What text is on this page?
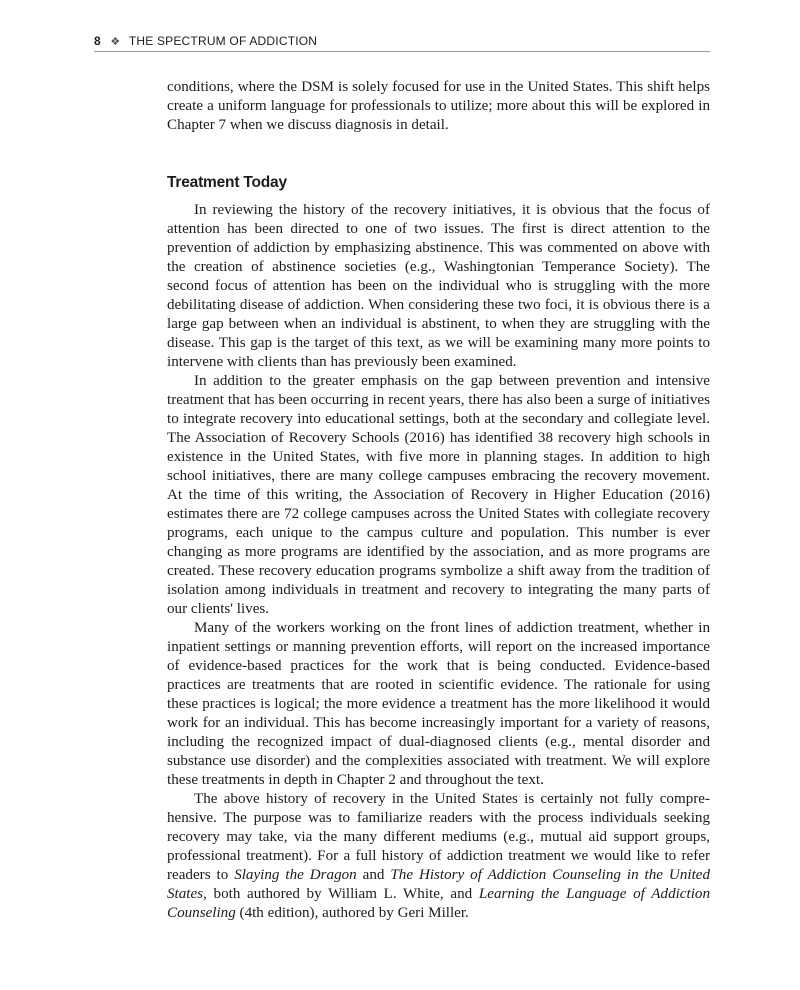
8 ❖ THE SPECTRUM OF ADDICTION

conditions, where the DSM is solely focused for use in the United States. This shift helps create a uniform language for professionals to utilize; more about this will be explored in Chapter 7 when we discuss diagnosis in detail.

Treatment Today

In reviewing the history of the recovery initiatives, it is obvious that the focus of attention has been directed to one of two issues. The first is direct attention to the prevention of addiction by emphasizing abstinence. This was commented on above with the creation of abstinence societies (e.g., Washingtonian Temperance Society). The second focus of attention has been on the individual who is struggling with the more debilitating disease of addiction. When considering these two foci, it is obvious there is a large gap between when an individual is abstinent, to when they are struggling with the disease. This gap is the target of this text, as we will be examining many more points to intervene with clients than has previously been examined.

In addition to the greater emphasis on the gap between prevention and intensive treatment that has been occurring in recent years, there has also been a surge of initiatives to integrate recovery into educational settings, both at the secondary and collegiate level. The Association of Recovery Schools (2016) has identified 38 recovery high schools in existence in the United States, with five more in planning stages. In addition to high school initiatives, there are many college campuses embracing the recovery movement. At the time of this writing, the Association of Recovery in Higher Education (2016) estimates there are 72 college campuses across the United States with collegiate recovery programs, each unique to the campus culture and population. This number is ever changing as more programs are identified by the association, and as more programs are created. These recovery education programs symbolize a shift away from the tradition of isolation among individuals in treatment and recovery to integrating the many parts of our clients' lives.

Many of the workers working on the front lines of addiction treatment, whether in inpatient settings or manning prevention efforts, will report on the increased importance of evidence-based practices for the work that is being conducted. Evidence-based practices are treatments that are rooted in scientific evidence. The rationale for using these practices is logical; the more evidence a treatment has the more likelihood it would work for an individual. This has become increasingly important for a variety of reasons, including the recognized impact of dual-diagnosed clients (e.g., mental disorder and substance use disorder) and the complexities associated with treatment. We will explore these treatments in depth in Chapter 2 and throughout the text.

The above history of recovery in the United States is certainly not fully comprehensive. The purpose was to familiarize readers with the process individuals seeking recovery may take, via the many different mediums (e.g., mutual aid support groups, professional treatment). For a full history of addiction treatment we would like to refer readers to Slaying the Dragon and The History of Addiction Counseling in the United States, both authored by William L. White, and Learning the Language of Addiction Counseling (4th edition), authored by Geri Miller.
